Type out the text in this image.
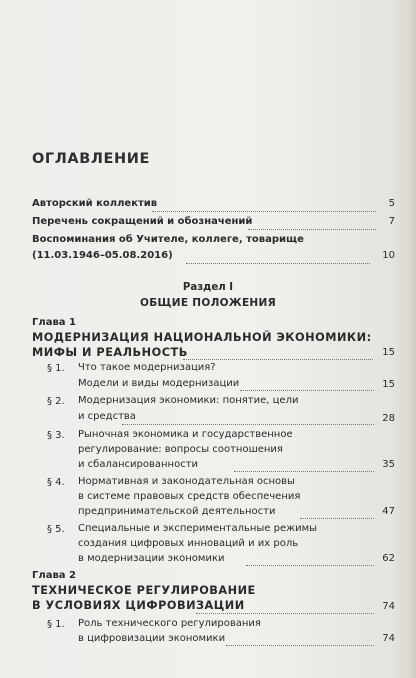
ОГЛАВЛЕНИЕ
Авторский коллектив	5
Перечень сокращений и обозначений	7
Воспоминания об Учителе, коллеге, товарище
(11.03.1946–05.08.2016)	10
Раздел I
ОБЩИЕ ПОЛОЖЕНИЯ
Глава 1
МОДЕРНИЗАЦИЯ НАЦИОНАЛЬНОЙ ЭКОНОМИКИ:
МИФЫ И РЕАЛЬНОСТЬ	15
§ 1. Что такое модернизация?
Модели и виды модернизации	15
§ 2. Модернизация экономики: понятие, цели
и средства	28
§ 3. Рыночная экономика и государственное
регулирование: вопросы соотношения
и сбалансированности	35
§ 4. Нормативная и законодательная основы
в системе правовых средств обеспечения
предпринимательской деятельности	47
§ 5. Специальные и экспериментальные режимы
создания цифровых инноваций и их роль
в модернизации экономики	62
Глава 2
ТЕХНИЧЕСКОЕ РЕГУЛИРОВАНИЕ
В УСЛОВИЯХ ЦИФРОВИЗАЦИИ	74
§ 1. Роль технического регулирования
в цифровизации экономики	74
